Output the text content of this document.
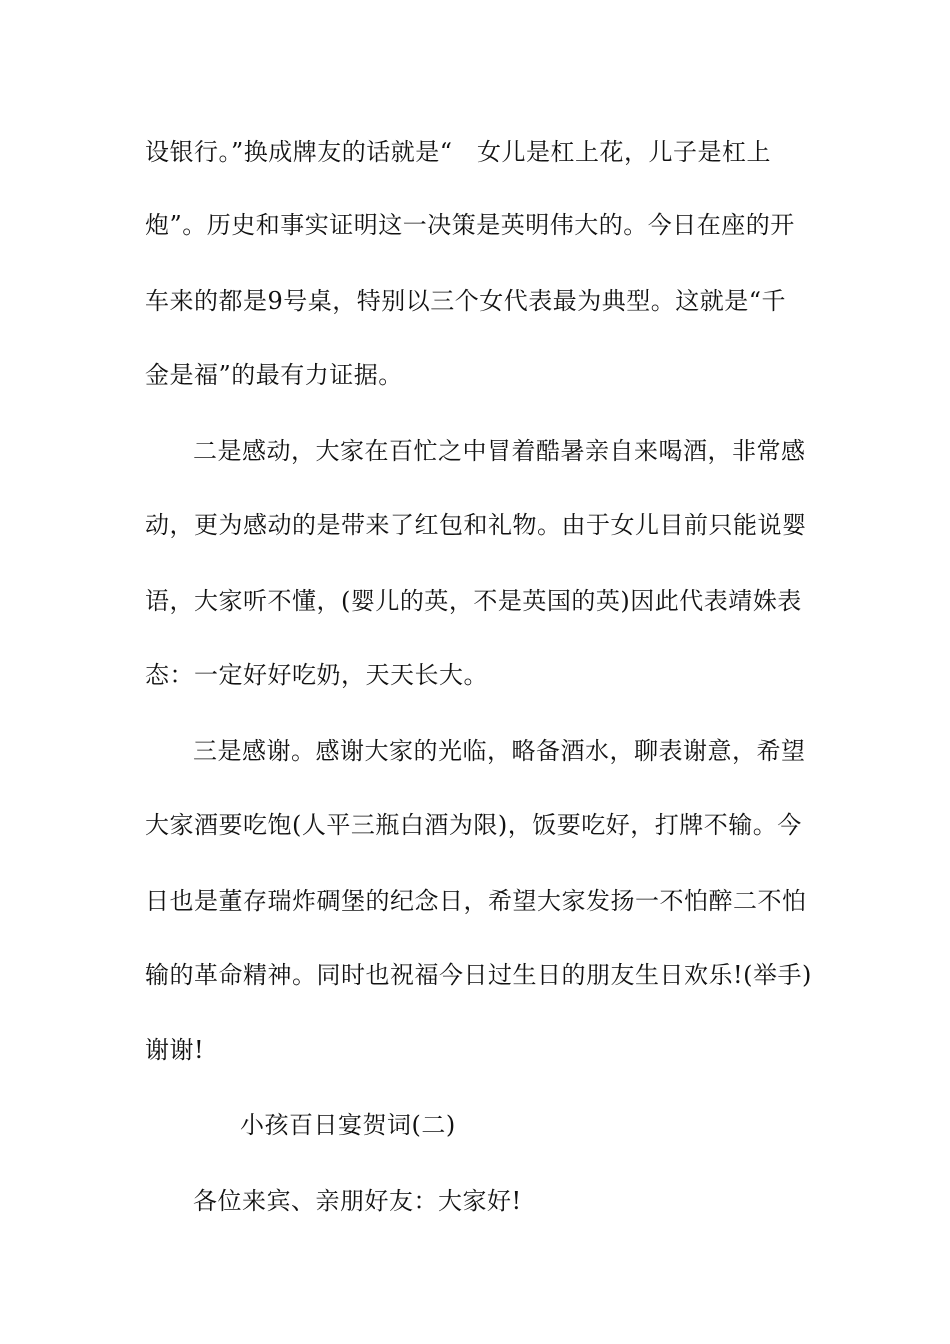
设银行。”换成牌友的话就是“　女儿是杠上花，儿子是杠上
炮”。历史和事实证明这一决策是英明伟大的。今日在座的开
车来的都是9号桌，特别以三个女代表最为典型。这就是“千
金是福”的最有力证据。
二是感动，大家在百忙之中冒着酷暑亲自来喝酒，非常感
动，更为感动的是带来了红包和礼物。由于女儿目前只能说婴
语，大家听不懂，(婴儿的英，不是英国的英)因此代表靖姝表
态：一定好好吃奶，天天长大。
三是感谢。感谢大家的光临，略备酒水，聊表谢意，希望
大家酒要吃饱(人平三瓶白酒为限)，饭要吃好，打牌不输。今
日也是董存瑞炸碉堡的纪念日，希望大家发扬一不怕醉二不怕
输的革命精神。同时也祝福今日过生日的朋友生日欢乐!(举手)
谢谢!
小孩百日宴贺词(二)
各位来宾、亲朋好友：大家好!
